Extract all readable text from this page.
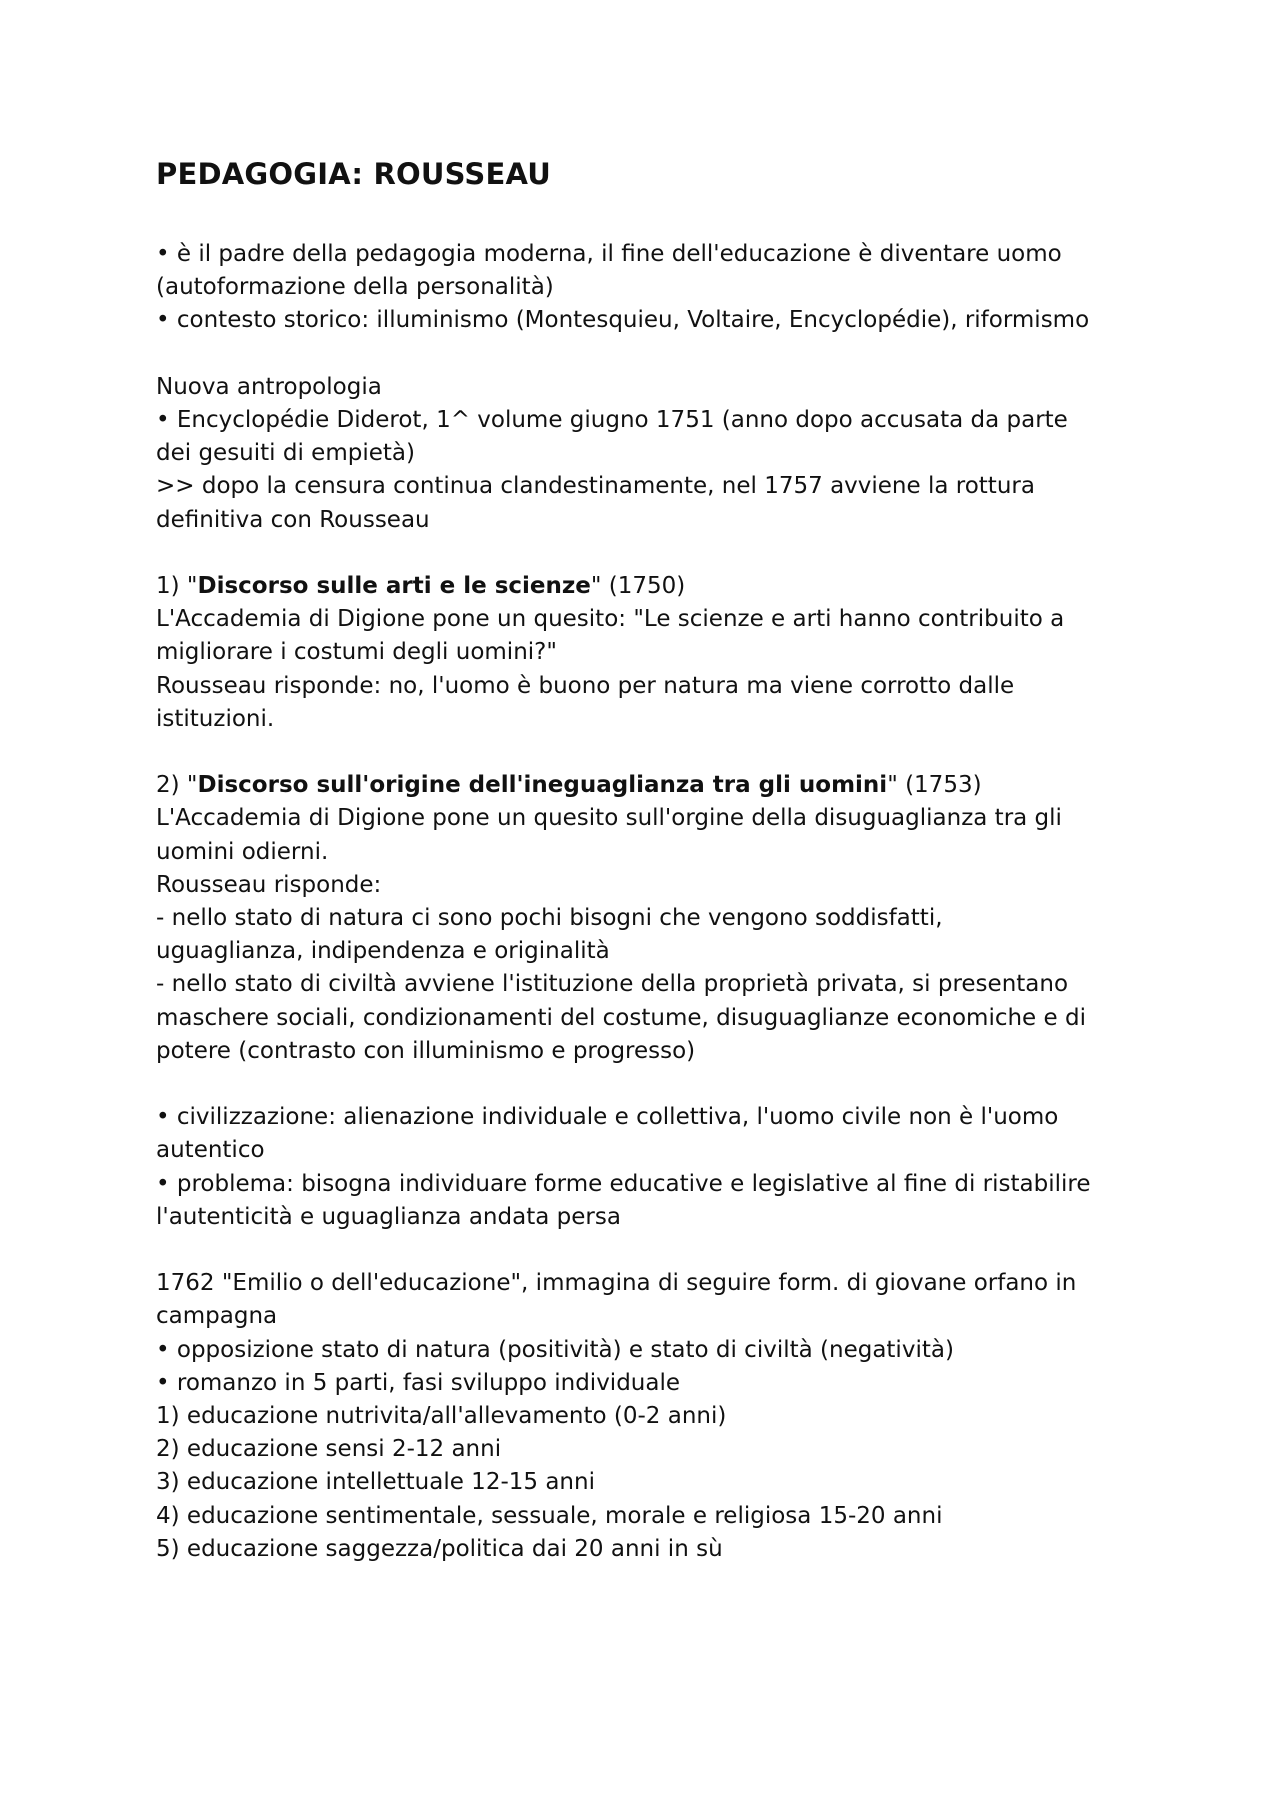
PEDAGOGIA: ROUSSEAU

• è il padre della pedagogia moderna, il fine dell'educazione è diventare uomo

(autoformazione della personalità)

• contesto storico: illuminismo (Montesquieu, Voltaire, Encyclopédie), riformismo

Nuova antropologia

• Encyclopédie Diderot, 1^ volume giugno 1751 (anno dopo accusata da parte

dei gesuiti di empietà)

>> dopo la censura continua clandestinamente, nel 1757 avviene la rottura

definitiva con Rousseau

1) "Discorso sulle arti e le scienze" (1750)

L'Accademia di Digione pone un quesito: "Le scienze e arti hanno contribuito a

migliorare i costumi degli uomini?"

Rousseau risponde: no, l'uomo è buono per natura ma viene corrotto dalle

istituzioni.

2) "Discorso sull'origine dell'ineguaglianza tra gli uomini" (1753)

L'Accademia di Digione pone un quesito sull'orgine della disuguaglianza tra gli

uomini odierni.

Rousseau risponde:

- nello stato di natura ci sono pochi bisogni che vengono soddisfatti,

uguaglianza, indipendenza e originalità

- nello stato di civiltà avviene l'istituzione della proprietà privata, si presentano

maschere sociali, condizionamenti del costume, disuguaglianze economiche e di

potere (contrasto con illuminismo e progresso)

• civilizzazione: alienazione individuale e collettiva, l'uomo civile non è l'uomo

autentico

• problema: bisogna individuare forme educative e legislative al fine di ristabilire

l'autenticità e uguaglianza andata persa

1762 "Emilio o dell'educazione", immagina di seguire form. di giovane orfano in

campagna

• opposizione stato di natura (positività) e stato di civiltà (negatività)

• romanzo in 5 parti, fasi sviluppo individuale

1) educazione nutrivita/all'allevamento (0-2 anni)

2) educazione sensi 2-12 anni

3) educazione intellettuale 12-15 anni

4) educazione sentimentale, sessuale, morale e religiosa 15-20 anni

5) educazione saggezza/politica dai 20 anni in sù
